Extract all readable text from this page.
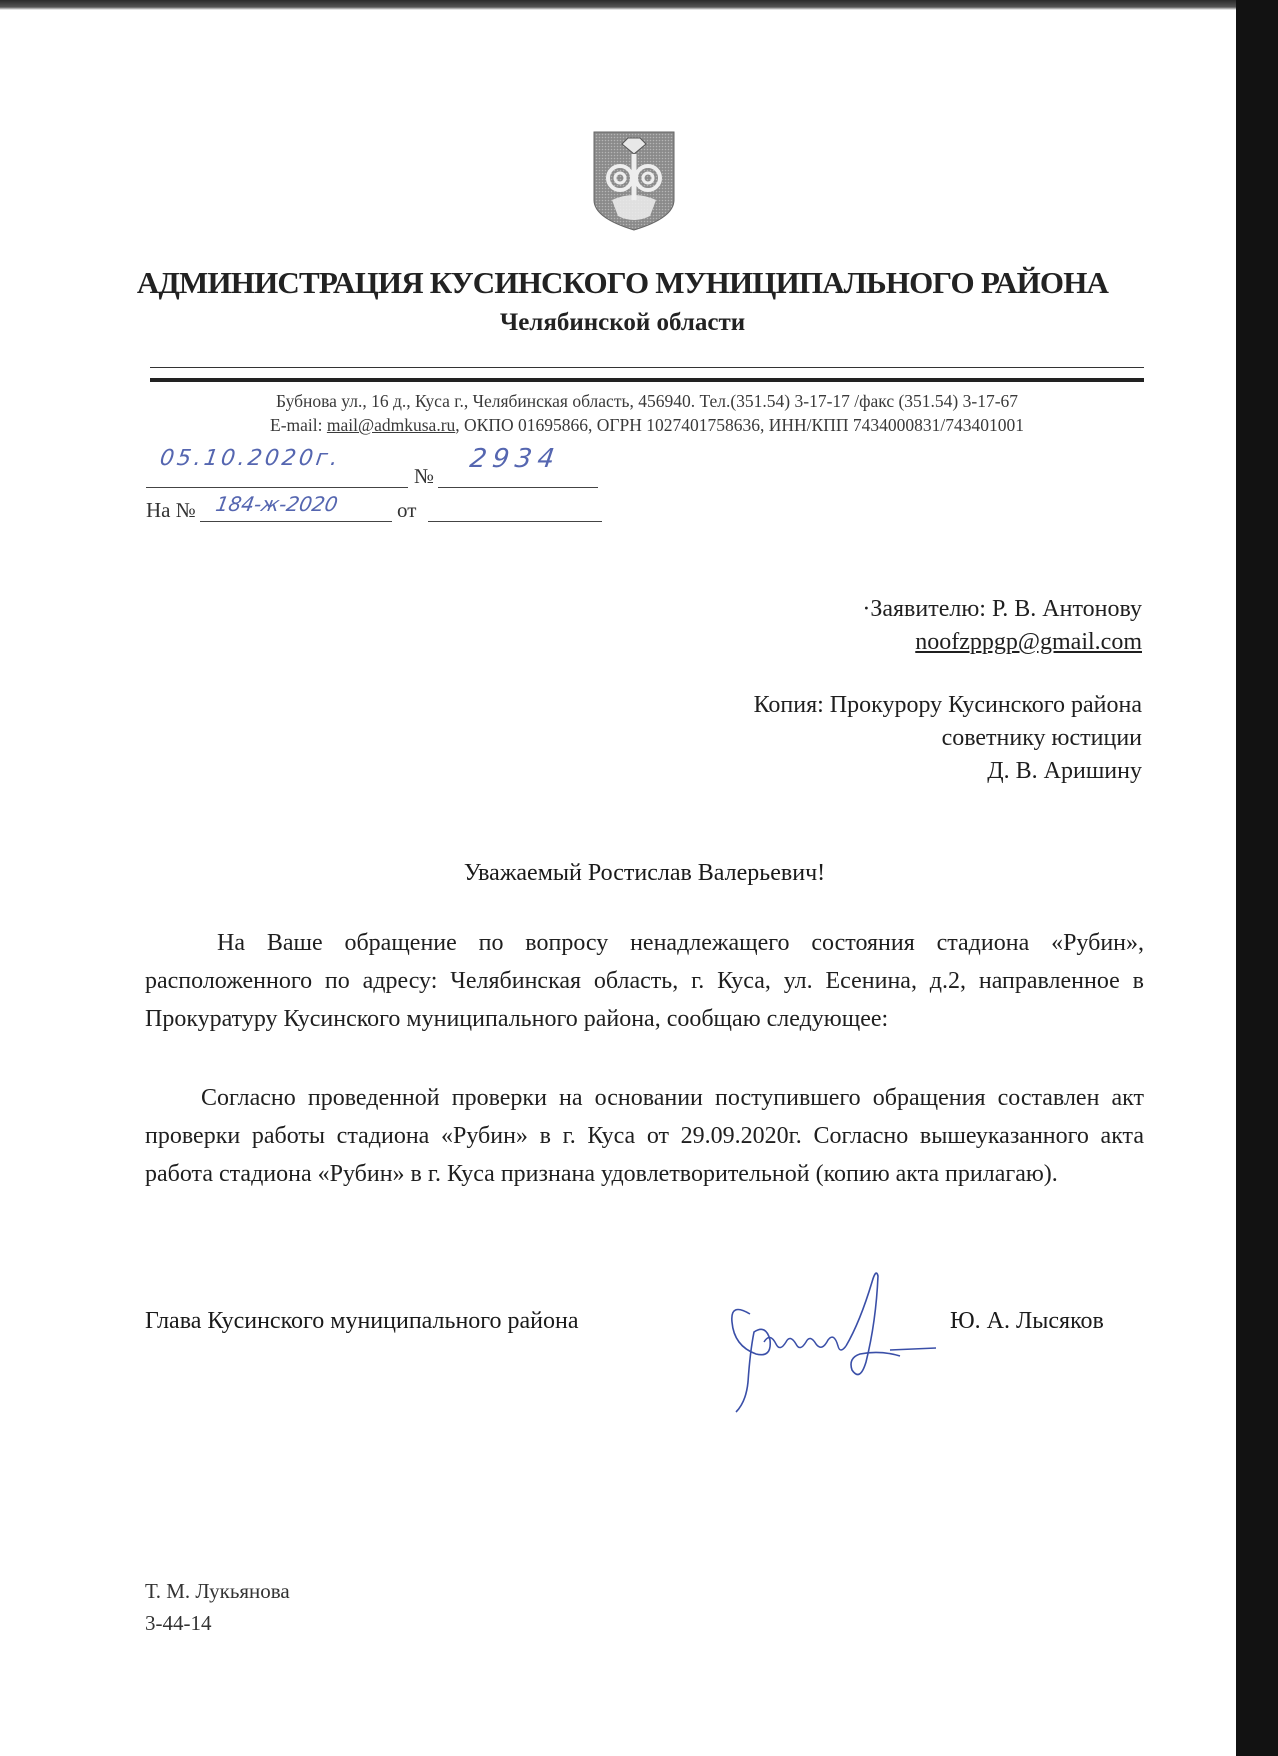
АДМИНИСТРАЦИЯ КУСИНСКОГО МУНИЦИПАЛЬНОГО РАЙОНА
Челябинской области
Бубнова ул., 16 д., Куса г., Челябинская область, 456940. Тел.(351.54) 3-17-17 /факс (351.54) 3-17-67
E-mail: mail@admkusa.ru, ОКПО 01695866, ОГРН 1027401758636, ИНН/КПП 7434000831/743401001
05.10.2020г.
№
2934
На № 184-ж-2020	от
·Заявителю: Р. В. Антонову
noofzppgp@gmail.com
Копия: Прокурору Кусинского района
советнику юстиции
Д. В. Аришину
Уважаемый Ростислав Валерьевич!
На Ваше обращение по вопросу ненадлежащего состояния стадиона «Рубин», расположенного по адресу: Челябинская область, г. Куса, ул. Есенина, д.2, направленное в Прокуратуру Кусинского муниципального района, сообщаю следующее:
Согласно проведенной проверки на основании поступившего обращения составлен акт проверки работы стадиона «Рубин» в г. Куса от 29.09.2020г. Согласно вышеуказанного акта работа стадиона «Рубин» в г. Куса признана удовлетворительной (копию акта прилагаю).
Глава Кусинского муниципального района	Ю. А. Лысяков
Т. М. Лукьянова
3-44-14
